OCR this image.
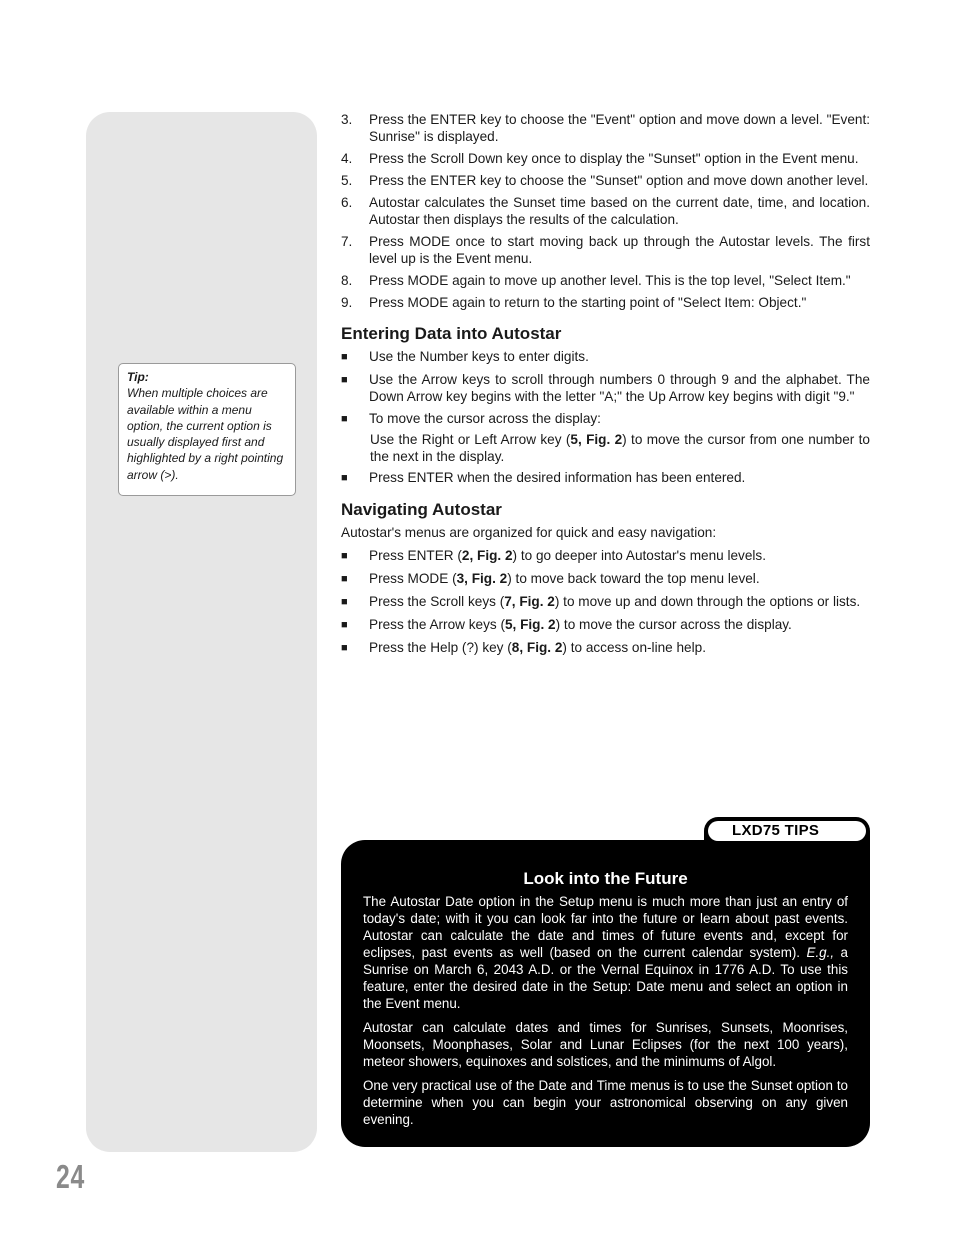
Tip:
When multiple choices are available within a menu option, the current option is usually displayed first and highlighted by a right pointing arrow (>).
3.	Press the ENTER key to choose the "Event" option and move down a level. "Event: Sunrise" is displayed.
4.	Press the Scroll Down key once to display the "Sunset" option in the Event menu.
5.	Press the ENTER key to choose the "Sunset" option and move down another level.
6.	Autostar calculates the Sunset time based on the current date, time, and location. Autostar then displays the results of the calculation.
7.	Press MODE once to start moving back up through the Autostar levels. The first level up is the Event menu.
8.	Press MODE again to move up another level. This is the top level, "Select Item."
9.	Press MODE again to return to the starting point of "Select Item: Object."
Entering Data into Autostar
■	Use the Number keys to enter digits.
■	Use the Arrow keys to scroll through numbers 0 through 9 and the alphabet. The Down Arrow key begins with the letter "A;" the Up Arrow key begins with digit "9."
■	To move the cursor across the display:
Use the Right or Left Arrow key (5, Fig. 2) to move the cursor from one number to the next in the display.
■	Press ENTER when the desired information has been entered.
Navigating Autostar
Autostar's menus are organized for quick and easy navigation:
■	Press ENTER (2, Fig. 2) to go deeper into Autostar's menu levels.
■	Press MODE (3, Fig. 2) to move back toward the top menu level.
■	Press the Scroll keys (7, Fig. 2) to move up and down through the options or lists.
■	Press the Arrow keys (5, Fig. 2) to move the cursor across the display.
■	Press the Help (?) key (8, Fig. 2) to access on-line help.
LXD75 TIPS
Look into the Future

The Autostar Date option in the Setup menu is much more than just an entry of today's date; with it you can look far into the future or learn about past events. Autostar can calculate the date and times of future events and, except for eclipses, past events as well (based on the current calendar system). E.g., a Sunrise on March 6, 2043 A.D. or the Vernal Equinox in 1776 A.D. To use this feature, enter the desired date in the Setup: Date menu and select an option in the Event menu.

Autostar can calculate dates and times for Sunrises, Sunsets, Moonrises, Moonsets, Moonphases, Solar and Lunar Eclipses (for the next 100 years), meteor showers, equinoxes and solstices, and the minimums of Algol.

One very practical use of the Date and Time menus is to use the Sunset option to determine when you can begin your astronomical observing on any given evening.

24
